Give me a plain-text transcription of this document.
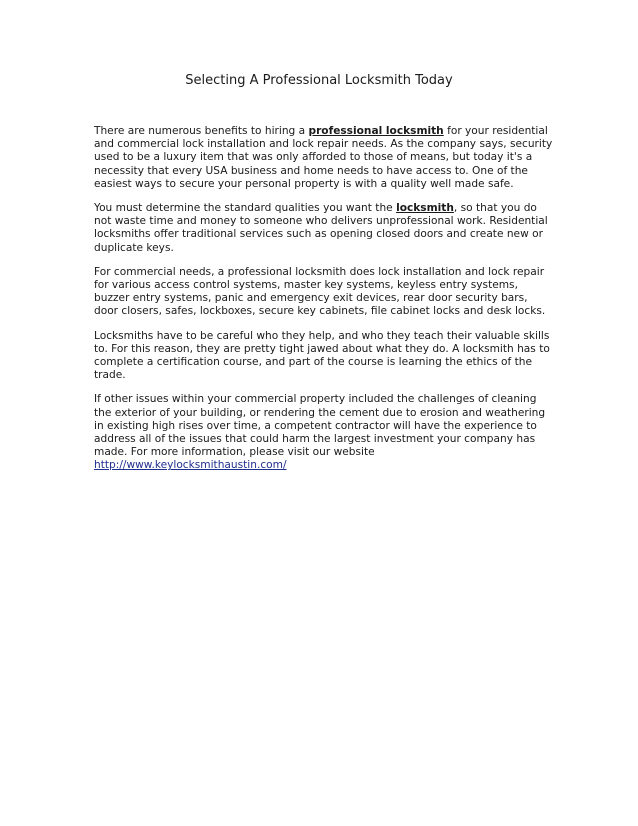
Selecting A Professional Locksmith Today

There are numerous benefits to hiring a professional locksmith for your residential and commercial lock installation and lock repair needs. As the company says, security used to be a luxury item that was only afforded to those of means, but today it's a necessity that every USA business and home needs to have access to. One of the easiest ways to secure your personal property is with a quality well made safe.

You must determine the standard qualities you want the locksmith, so that you do not waste time and money to someone who delivers unprofessional work. Residential locksmiths offer traditional services such as opening closed doors and create new or duplicate keys.

For commercial needs, a professional locksmith does lock installation and lock repair for various access control systems, master key systems, keyless entry systems, buzzer entry systems, panic and emergency exit devices, rear door security bars, door closers, safes, lockboxes, secure key cabinets, file cabinet locks and desk locks.

Locksmiths have to be careful who they help, and who they teach their valuable skills to. For this reason, they are pretty tight jawed about what they do. A locksmith has to complete a certification course, and part of the course is learning the ethics of the trade.

If other issues within your commercial property included the challenges of cleaning the exterior of your building, or rendering the cement due to erosion and weathering in existing high rises over time, a competent contractor will have the experience to address all of the issues that could harm the largest investment your company has made. For more information, please visit our website http://www.keylocksmithaustin.com/
